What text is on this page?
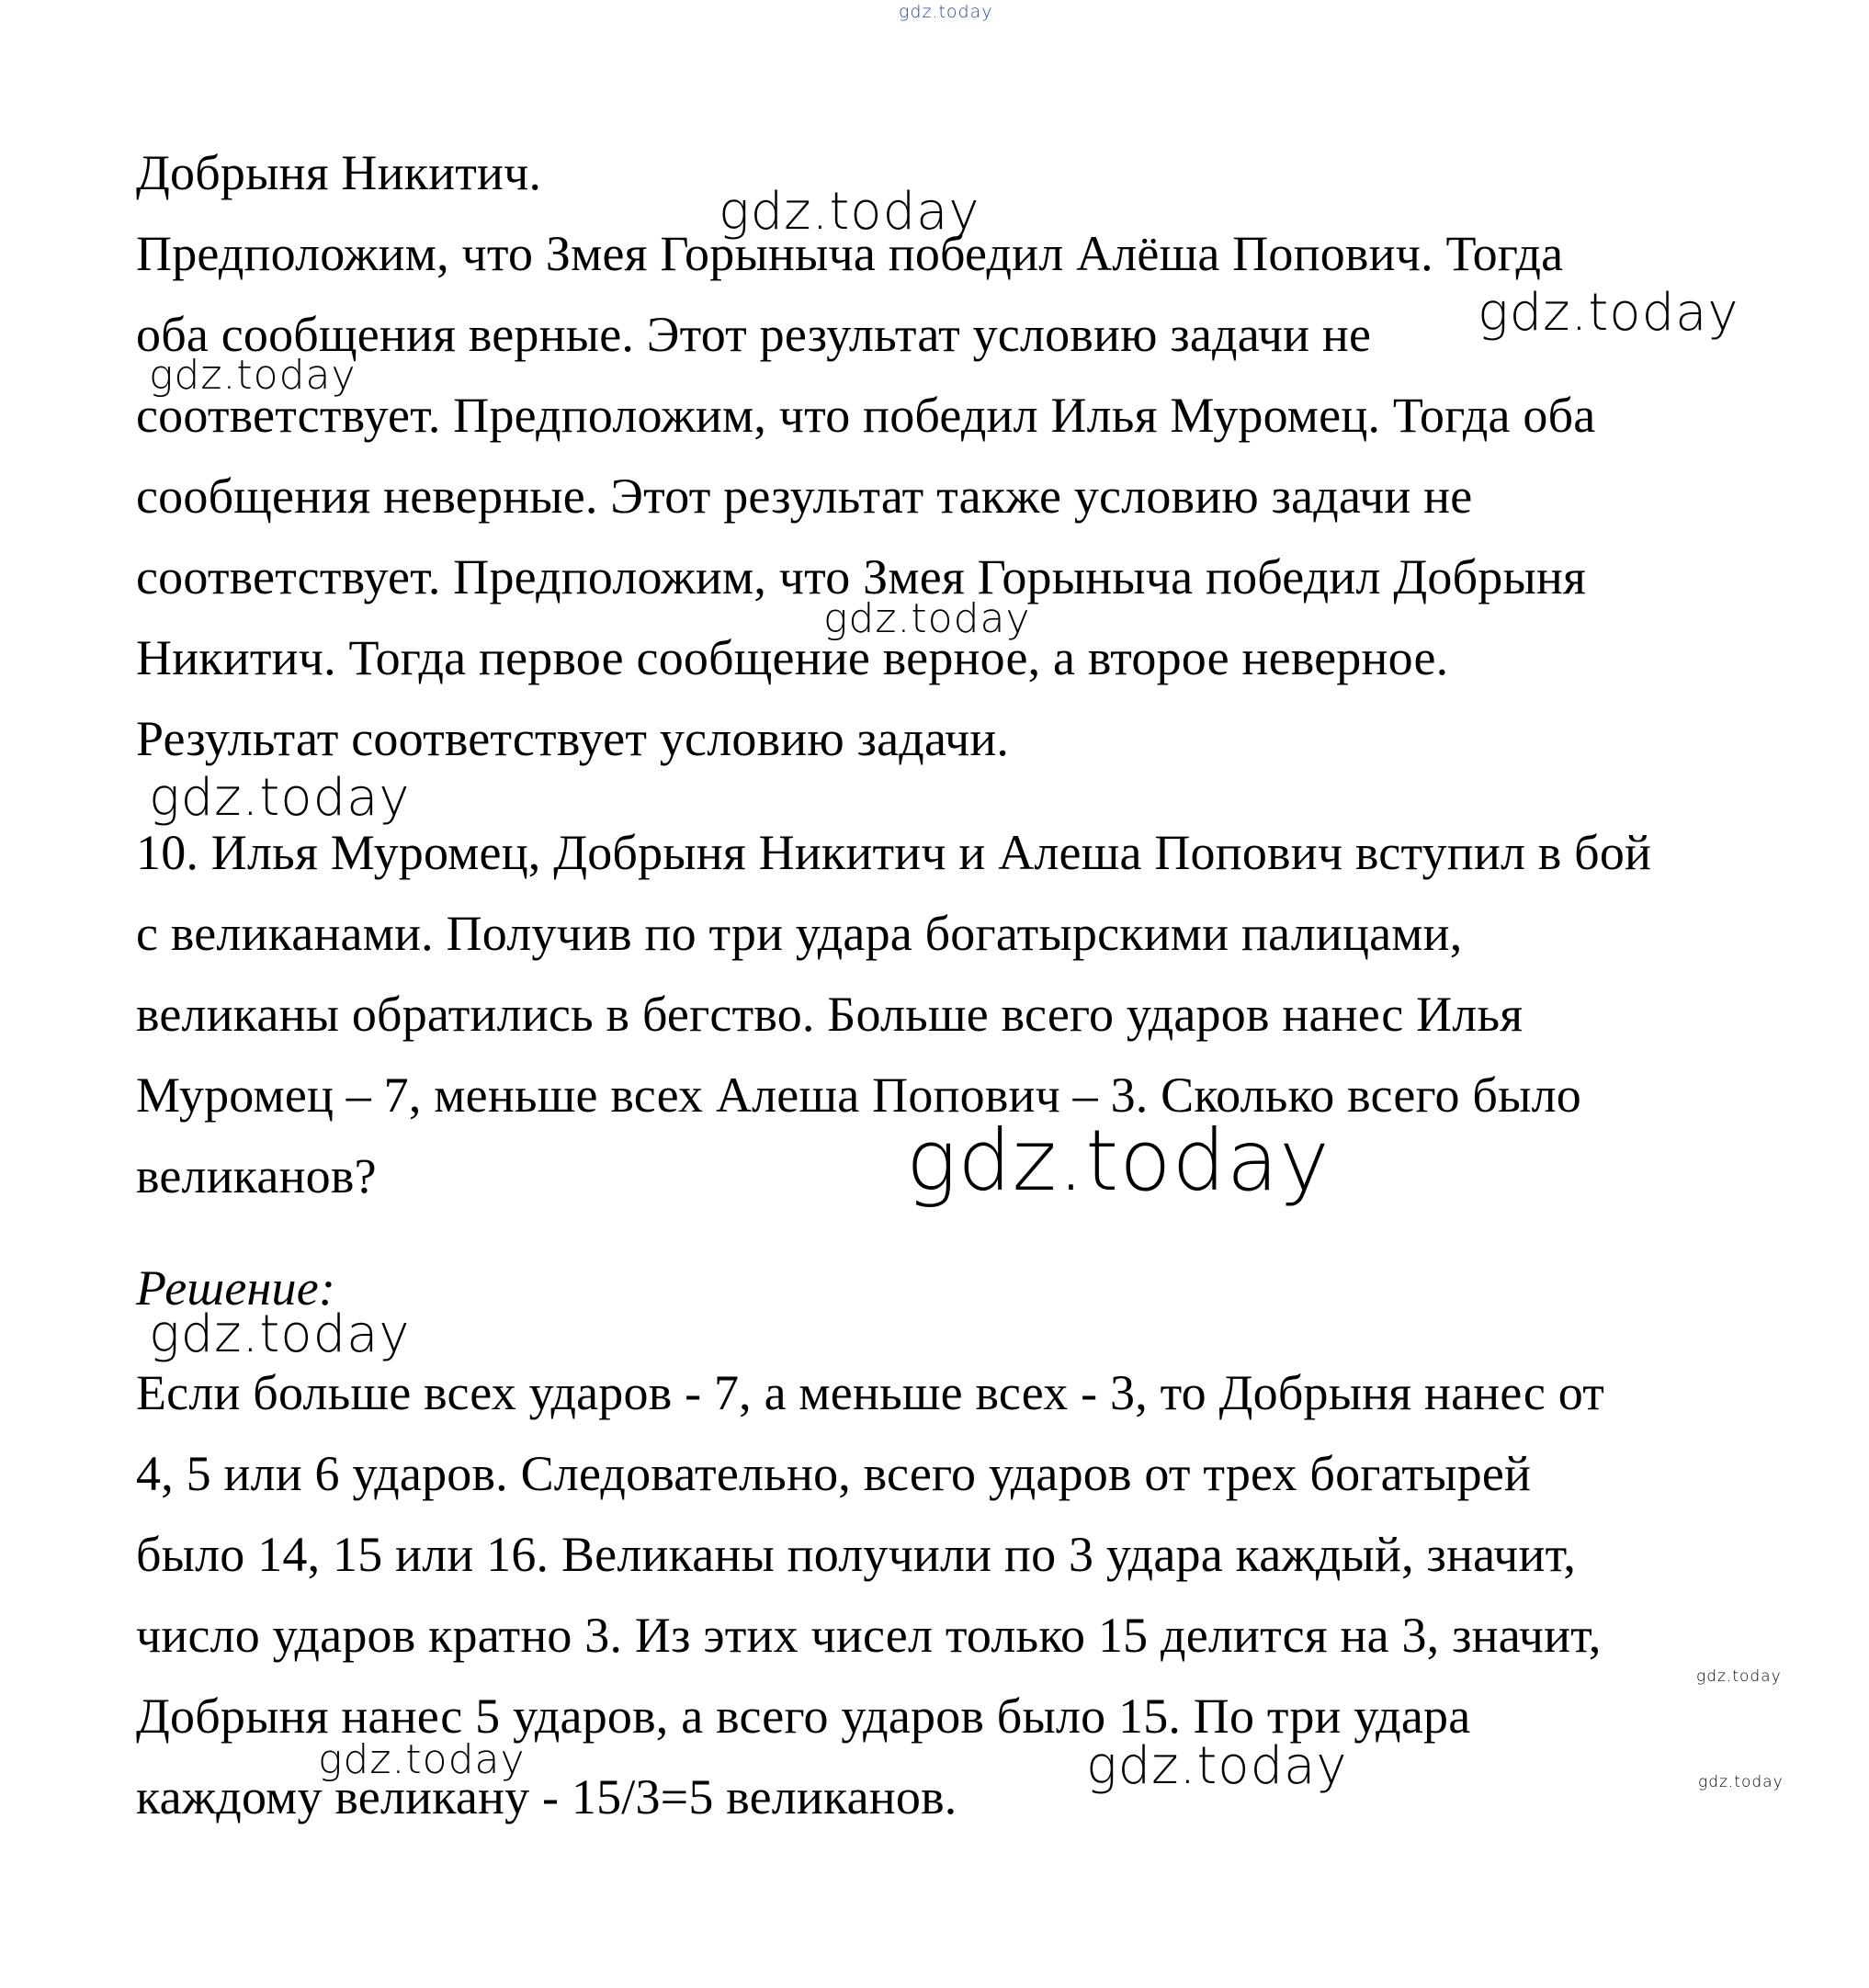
gdz.today
gdz.today
gdz.today
gdz.today
gdz.today
gdz.today
gdz.today
gdz.today
gdz.today
gdz.today	gdz.today	gdz.today
Добрыня Никитич.
Предположим, что Змея Горыныча победил Алёша Попович. Тогда
оба сообщения верные. Этот результат условию задачи не
соответствует. Предположим, что победил Илья Муромец. Тогда оба
сообщения неверные. Этот результат также условию задачи не
соответствует. Предположим, что Змея Горыныча победил Добрыня
Никитич. Тогда первое сообщение верное, а второе неверное.
Результат соответствует условию задачи.
10. Илья Муромец, Добрыня Никитич и Алеша Попович вступил в бой
с великанами. Получив по три удара богатырскими палицами,
великаны обратились в бегство. Больше всего ударов нанес Илья
Муромец – 7, меньше всех Алеша Попович – 3. Сколько всего было
великанов?
Решение:
Если больше всех ударов - 7, а меньше всех - 3, то Добрыня нанес от
4, 5 или 6 ударов. Следовательно, всего ударов от трех богатырей
было 14, 15 или 16. Великаны получили по 3 удара каждый, значит,
число ударов кратно 3. Из этих чисел только 15 делится на 3, значит,
Добрыня нанес 5 ударов, а всего ударов было 15. По три удара
каждому великану - 15/3=5 великанов.
